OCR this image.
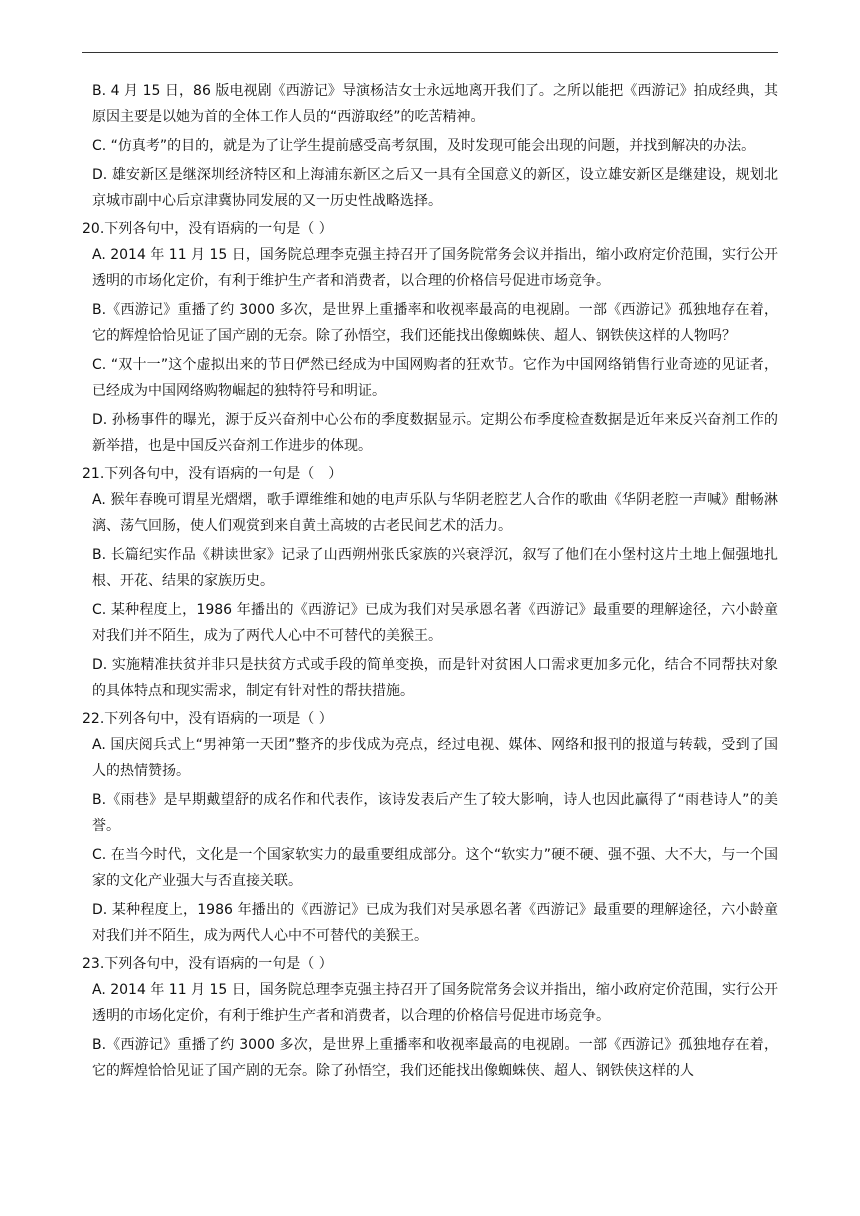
B. 4 月 15 日，86 版电视剧《西游记》导演杨洁女士永远地离开我们了。之所以能把《西游记》拍成经典，其原因主要是以她为首的全体工作人员的“西游取经”的吃苦精神。

C. “仿真考”的目的，就是为了让学生提前感受高考氛围，及时发现可能会出现的问题，并找到解决的办法。

D. 雄安新区是继深圳经济特区和上海浦东新区之后又一具有全国意义的新区，设立雄安新区是继建设，规划北京城市副中心后京津冀协同发展的又一历史性战略选择。

20.下列各句中，没有语病的一句是（ ）

A. 2014 年 11 月 15 日，国务院总理李克强主持召开了国务院常务会议并指出，缩小政府定价范围，实行公开透明的市场化定价，有利于维护生产者和消费者，以合理的价格信号促进市场竞争。

B.《西游记》重播了约 3000 多次，是世界上重播率和收视率最高的电视剧。一部《西游记》孤独地存在着，它的辉煌恰恰见证了国产剧的无奈。除了孙悟空，我们还能找出像蜘蛛侠、超人、钢铁侠这样的人物吗？

C. “双十一”这个虚拟出来的节日俨然已经成为中国网购者的狂欢节。它作为中国网络销售行业奇迹的见证者，已经成为中国网络购物崛起的独特符号和明证。

D. 孙杨事件的曝光，源于反兴奋剂中心公布的季度数据显示。定期公布季度检查数据是近年来反兴奋剂工作的新举措，也是中国反兴奋剂工作进步的体现。

21.下列各句中，没有语病的一句是（　）

A. 猴年春晚可谓星光熠熠，歌手谭维维和她的电声乐队与华阴老腔艺人合作的歌曲《华阴老腔一声喊》酣畅淋漓、荡气回肠，使人们观赏到来自黄土高坡的古老民间艺术的活力。

B. 长篇纪实作品《耕读世家》记录了山西朔州张氏家族的兴衰浮沉，叙写了他们在小堡村这片土地上倔强地扎根、开花、结果的家族历史。

C. 某种程度上，1986 年播出的《西游记》已成为我们对吴承恩名著《西游记》最重要的理解途径，六小龄童对我们并不陌生，成为了两代人心中不可替代的美猴王。

D. 实施精准扶贫并非只是扶贫方式或手段的简单变换，而是针对贫困人口需求更加多元化，结合不同帮扶对象的具体特点和现实需求，制定有针对性的帮扶措施。

22.下列各句中，没有语病的一项是（ ）

A. 国庆阅兵式上“男神第一天团”整齐的步伐成为亮点，经过电视、媒体、网络和报刊的报道与转载，受到了国人的热情赞扬。

B.《雨巷》是早期戴望舒的成名作和代表作，该诗发表后产生了较大影响，诗人也因此赢得了“雨巷诗人”的美誉。

C. 在当今时代，文化是一个国家软实力的最重要组成部分。这个“软实力”硬不硬、强不强、大不大，与一个国家的文化产业强大与否直接关联。

D. 某种程度上，1986 年播出的《西游记》已成为我们对吴承恩名著《西游记》最重要的理解途径，六小龄童对我们并不陌生，成为两代人心中不可替代的美猴王。

23.下列各句中，没有语病的一句是（ ）

A. 2014 年 11 月 15 日，国务院总理李克强主持召开了国务院常务会议并指出，缩小政府定价范围，实行公开透明的市场化定价，有利于维护生产者和消费者，以合理的价格信号促进市场竞争。

B.《西游记》重播了约 3000 多次，是世界上重播率和收视率最高的电视剧。一部《西游记》孤独地存在着，它的辉煌恰恰见证了国产剧的无奈。除了孙悟空，我们还能找出像蜘蛛侠、超人、钢铁侠这样的人
